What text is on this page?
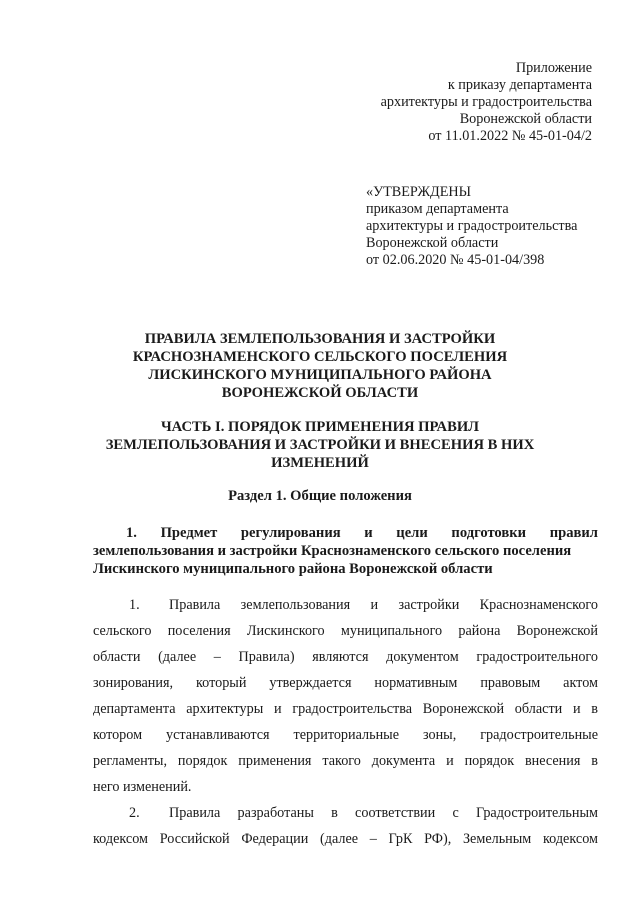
Приложение
к приказу департамента
архитектуры и градостроительства
Воронежской области
от 11.01.2022 № 45-01-04/2
«УТВЕРЖДЕНЫ
приказом департамента
архитектуры и градостроительства
Воронежской области
от 02.06.2020 № 45-01-04/398
ПРАВИЛА ЗЕМЛЕПОЛЬЗОВАНИЯ И ЗАСТРОЙКИ
КРАСНОЗНАМЕНСКОГО СЕЛЬСКОГО ПОСЕЛЕНИЯ
ЛИСКИНСКОГО МУНИЦИПАЛЬНОГО РАЙОНА
ВОРОНЕЖСКОЙ ОБЛАСТИ
ЧАСТЬ I. ПОРЯДОК ПРИМЕНЕНИЯ ПРАВИЛ
ЗЕМЛЕПОЛЬЗОВАНИЯ И ЗАСТРОЙКИ И ВНЕСЕНИЯ В НИХ
ИЗМЕНЕНИЙ
Раздел 1. Общие положения
1. Предмет регулирования и цели подготовки правил
землепользования и застройки Краснознаменского сельского поселения
Лискинского муниципального района Воронежской области
1. Правила землепользования и застройки Краснознаменского
сельского поселения Лискинского муниципального района Воронежской
области (далее – Правила) являются документом градостроительного
зонирования, который утверждается нормативным правовым актом
департамента архитектуры и градостроительства Воронежской области и в
котором устанавливаются территориальные зоны, градостроительные
регламенты, порядок применения такого документа и порядок внесения в
него изменений.
2. Правила разработаны в соответствии с Градостроительным
кодексом Российской Федерации (далее – ГрК РФ), Земельным кодексом
